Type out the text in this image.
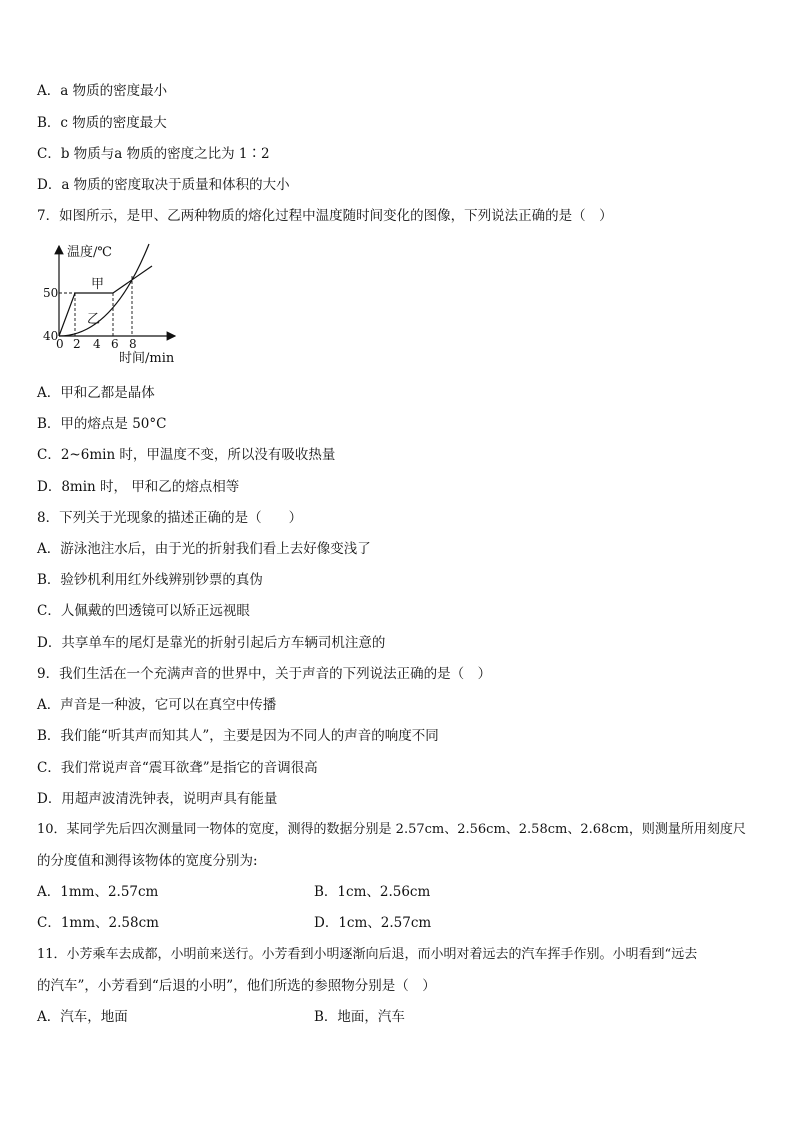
A．a 物质的密度最小
B．c 物质的密度最大
C．b 物质与a 物质的密度之比为 1∶2
D．a 物质的密度取决于质量和体积的大小
7．如图所示，是甲、乙两种物质的熔化过程中温度随时间变化的图像，下列说法正确的是（　）
温度/℃
时间/min
50
40
0 2 4 6 8
甲
乙
A．甲和乙都是晶体
B．甲的熔点是 50°C
C．2~6min 时，甲温度不变，所以没有吸收热量
D．8min 时， 甲和乙的熔点相等
8．下列关于光现象的描述正确的是（　　）
A．游泳池注水后，由于光的折射我们看上去好像变浅了
B．验钞机利用红外线辨别钞票的真伪
C．人佩戴的凹透镜可以矫正远视眼
D．共享单车的尾灯是靠光的折射引起后方车辆司机注意的
9．我们生活在一个充满声音的世界中，关于声音的下列说法正确的是（　）
A．声音是一种波，它可以在真空中传播
B．我们能“听其声而知其人”，主要是因为不同人的声音的响度不同
C．我们常说声音“震耳欲聋”是指它的音调很高
D．用超声波清洗钟表，说明声具有能量
10．某同学先后四次测量同一物体的宽度，测得的数据分别是 2.57cm、2.56cm、2.58cm、2.68cm，则测量所用刻度尺
的分度值和测得该物体的宽度分别为:
A．1mm、2.57cm	B．1cm、2.56cm
C．1mm、2.58cm	D．1cm、2.57cm
11．小芳乘车去成都，小明前来送行。小芳看到小明逐渐向后退，而小明对着远去的汽车挥手作别。小明看到“远去
的汽车”，小芳看到“后退的小明”，他们所选的参照物分别是（　）
A．汽车，地面	B．地面，汽车
